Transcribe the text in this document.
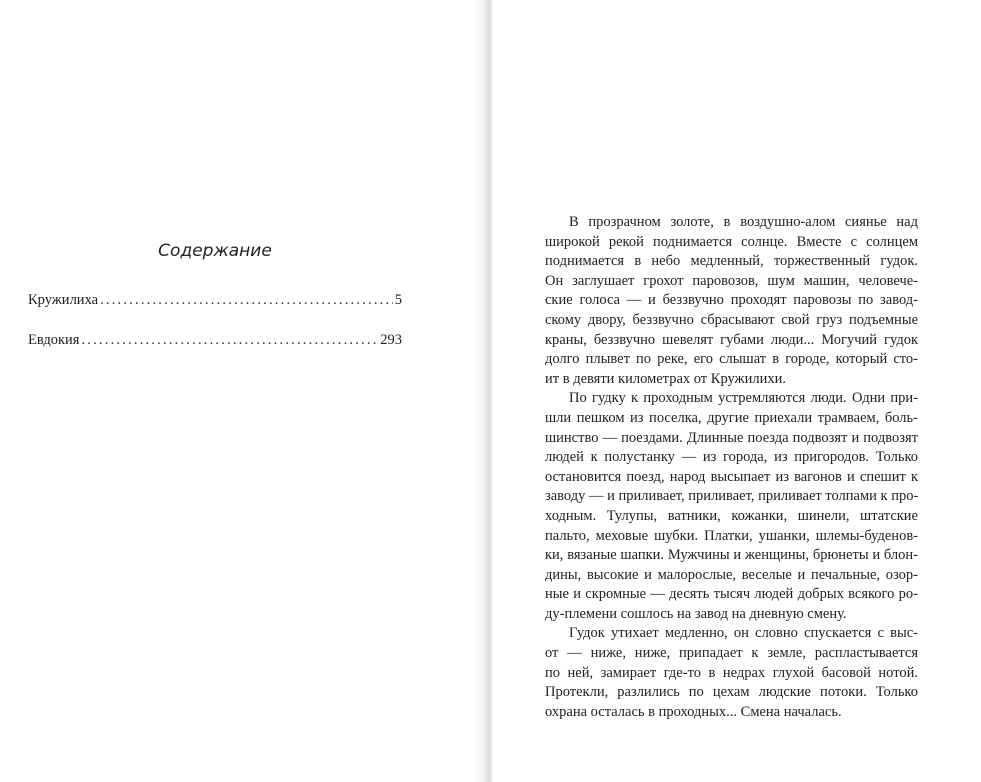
Содержание
Кружилиха .....	5
Евдокия .....	293
В прозрачном золоте, в воздушно-алом сиянье над
широкой рекой поднимается солнце. Вместе с солнцем
поднимается в небо медленный, торжественный гудок.
Он заглушает грохот паровозов, шум машин, человече-
ские голоса — и беззвучно проходят паровозы по завод-
скому двору, беззвучно сбрасывают свой груз подъемные
краны, беззвучно шевелят губами люди... Могучий гудок
долго плывет по реке, его слышат в городе, который сто-
ит в девяти километрах от Кружилихи.
По гудку к проходным устремляются люди. Одни при-
шли пешком из поселка, другие приехали трамваем, боль-
шинство — поездами. Длинные поезда подвозят и подвозят
людей к полустанку — из города, из пригородов. Только
остановится поезд, народ высыпает из вагонов и спешит к
заводу — и приливает, приливает, приливает толпами к про-
ходным. Тулупы, ватники, кожанки, шинели, штатские
пальто, меховые шубки. Платки, ушанки, шлемы-буденов-
ки, вязаные шапки. Мужчины и женщины, брюнеты и блон-
дины, высокие и малорослые, веселые и печальные, озор-
ные и скромные — десять тысяч людей добрых всякого ро-
ду-племени сошлось на завод на дневную смену.
Гудок утихает медленно, он словно спускается с выс-
от — ниже, ниже, припадает к земле, распластывается
по ней, замирает где-то в недрах глухой басовой нотой.
Протекли, разлились по цехам людские потоки. Только
охрана осталась в проходных... Смена началась.
